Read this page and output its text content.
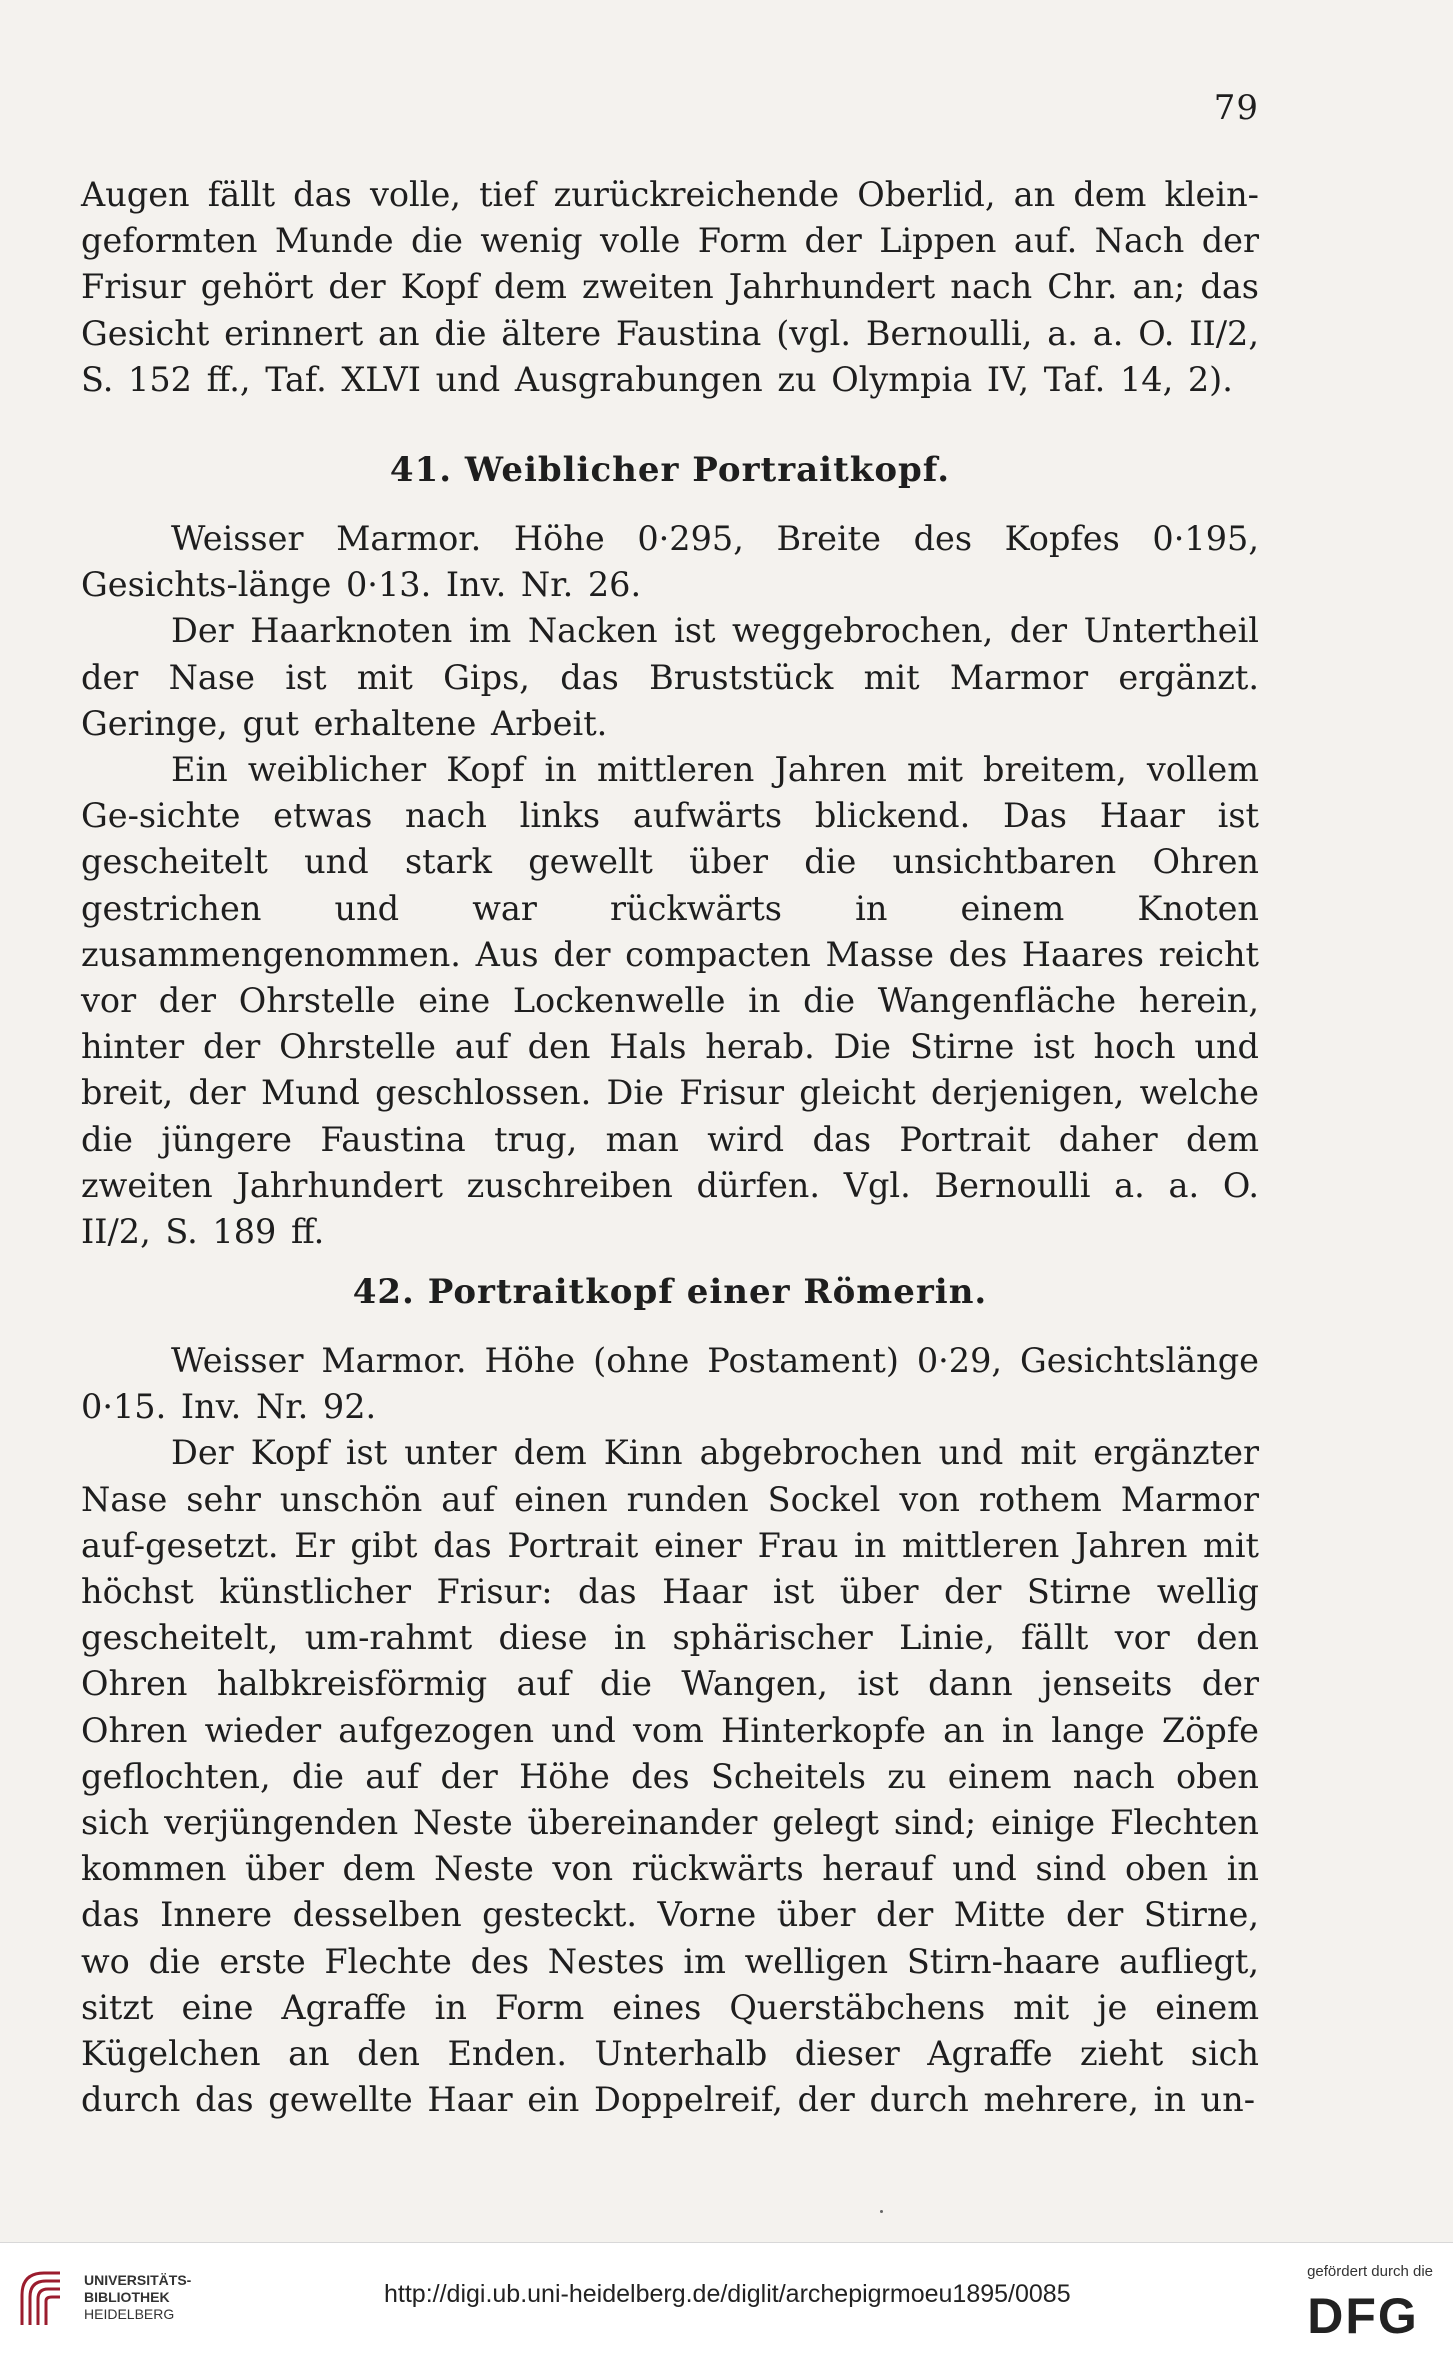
79

Augen fällt das volle, tief zurückreichende Oberlid, an dem klein-geformten Munde die wenig volle Form der Lippen auf. Nach der Frisur gehört der Kopf dem zweiten Jahrhundert nach Chr. an; das Gesicht erinnert an die ältere Faustina (vgl. Bernoulli, a. a. O. II/2, S. 152 ff., Taf. XLVI und Ausgrabungen zu Olympia IV, Taf. 14, 2).

41. Weiblicher Portraitkopf.

Weisser Marmor. Höhe 0·295, Breite des Kopfes 0·195, Gesichts-länge 0·13. Inv. Nr. 26.

Der Haarknoten im Nacken ist weggebrochen, der Untertheil der Nase ist mit Gips, das Bruststück mit Marmor ergänzt. Geringe, gut erhaltene Arbeit.

Ein weiblicher Kopf in mittleren Jahren mit breitem, vollem Ge-sichte etwas nach links aufwärts blickend. Das Haar ist gescheitelt und stark gewellt über die unsichtbaren Ohren gestrichen und war rückwärts in einem Knoten zusammengenommen. Aus der compacten Masse des Haares reicht vor der Ohrstelle eine Lockenwelle in die Wangenfläche herein, hinter der Ohrstelle auf den Hals herab. Die Stirne ist hoch und breit, der Mund geschlossen. Die Frisur gleicht derjenigen, welche die jüngere Faustina trug, man wird das Portrait daher dem zweiten Jahrhundert zuschreiben dürfen. Vgl. Bernoulli a. a. O. II/2, S. 189 ff.

42. Portraitkopf einer Römerin.

Weisser Marmor. Höhe (ohne Postament) 0·29, Gesichtslänge 0·15. Inv. Nr. 92.

Der Kopf ist unter dem Kinn abgebrochen und mit ergänzter Nase sehr unschön auf einen runden Sockel von rothem Marmor auf-gesetzt. Er gibt das Portrait einer Frau in mittleren Jahren mit höchst künstlicher Frisur: das Haar ist über der Stirne wellig gescheitelt, um-rahmt diese in sphärischer Linie, fällt vor den Ohren halbkreisförmig auf die Wangen, ist dann jenseits der Ohren wieder aufgezogen und vom Hinterkopfe an in lange Zöpfe geflochten, die auf der Höhe des Scheitels zu einem nach oben sich verjüngenden Neste übereinander gelegt sind; einige Flechten kommen über dem Neste von rückwärts herauf und sind oben in das Innere desselben gesteckt. Vorne über der Mitte der Stirne, wo die erste Flechte des Nestes im welligen Stirn-haare aufliegt, sitzt eine Agraffe in Form eines Querstäbchens mit je einem Kügelchen an den Enden. Unterhalb dieser Agraffe zieht sich durch das gewellte Haar ein Doppelreif, der durch mehrere, in un-

UNIVERSITÄTS-
BIBLIOTHEK
HEIDELBERG
http://digi.ub.uni-heidelberg.de/diglit/archepigrmoeu1895/0085
gefördert durch die
DFG
